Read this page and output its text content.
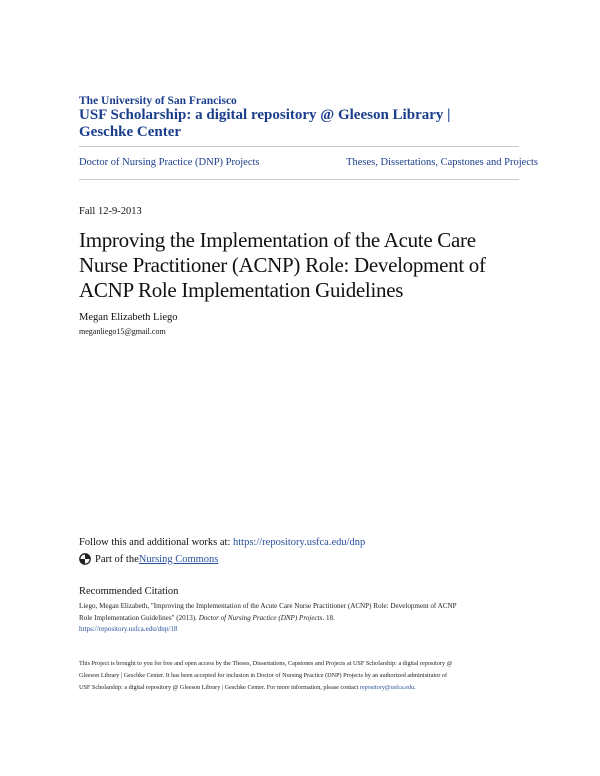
The University of San Francisco
USF Scholarship: a digital repository @ Gleeson Library |
Geschke Center
Doctor of Nursing Practice (DNP) Projects	Theses, Dissertations, Capstones and Projects
Fall 12-9-2013
Improving the Implementation of the Acute Care
Nurse Practitioner (ACNP) Role: Development of
ACNP Role Implementation Guidelines
Megan Elizabeth Liego
meganliego15@gmail.com
Follow this and additional works at: https://repository.usfca.edu/dnp
Part of the Nursing Commons
Recommended Citation
Liego, Megan Elizabeth, "Improving the Implementation of the Acute Care Nurse Practitioner (ACNP) Role: Development of ACNP
Role Implementation Guidelines" (2013). Doctor of Nursing Practice (DNP) Projects. 18.
https://repository.usfca.edu/dnp/18
This Project is brought to you for free and open access by the Theses, Dissertations, Capstones and Projects at USF Scholarship: a digital repository @
Gleeson Library | Geschke Center. It has been accepted for inclusion in Doctor of Nursing Practice (DNP) Projects by an authorized administrator of
USF Scholarship: a digital repository @ Gleeson Library | Geschke Center. For more information, please contact repository@usfca.edu.
